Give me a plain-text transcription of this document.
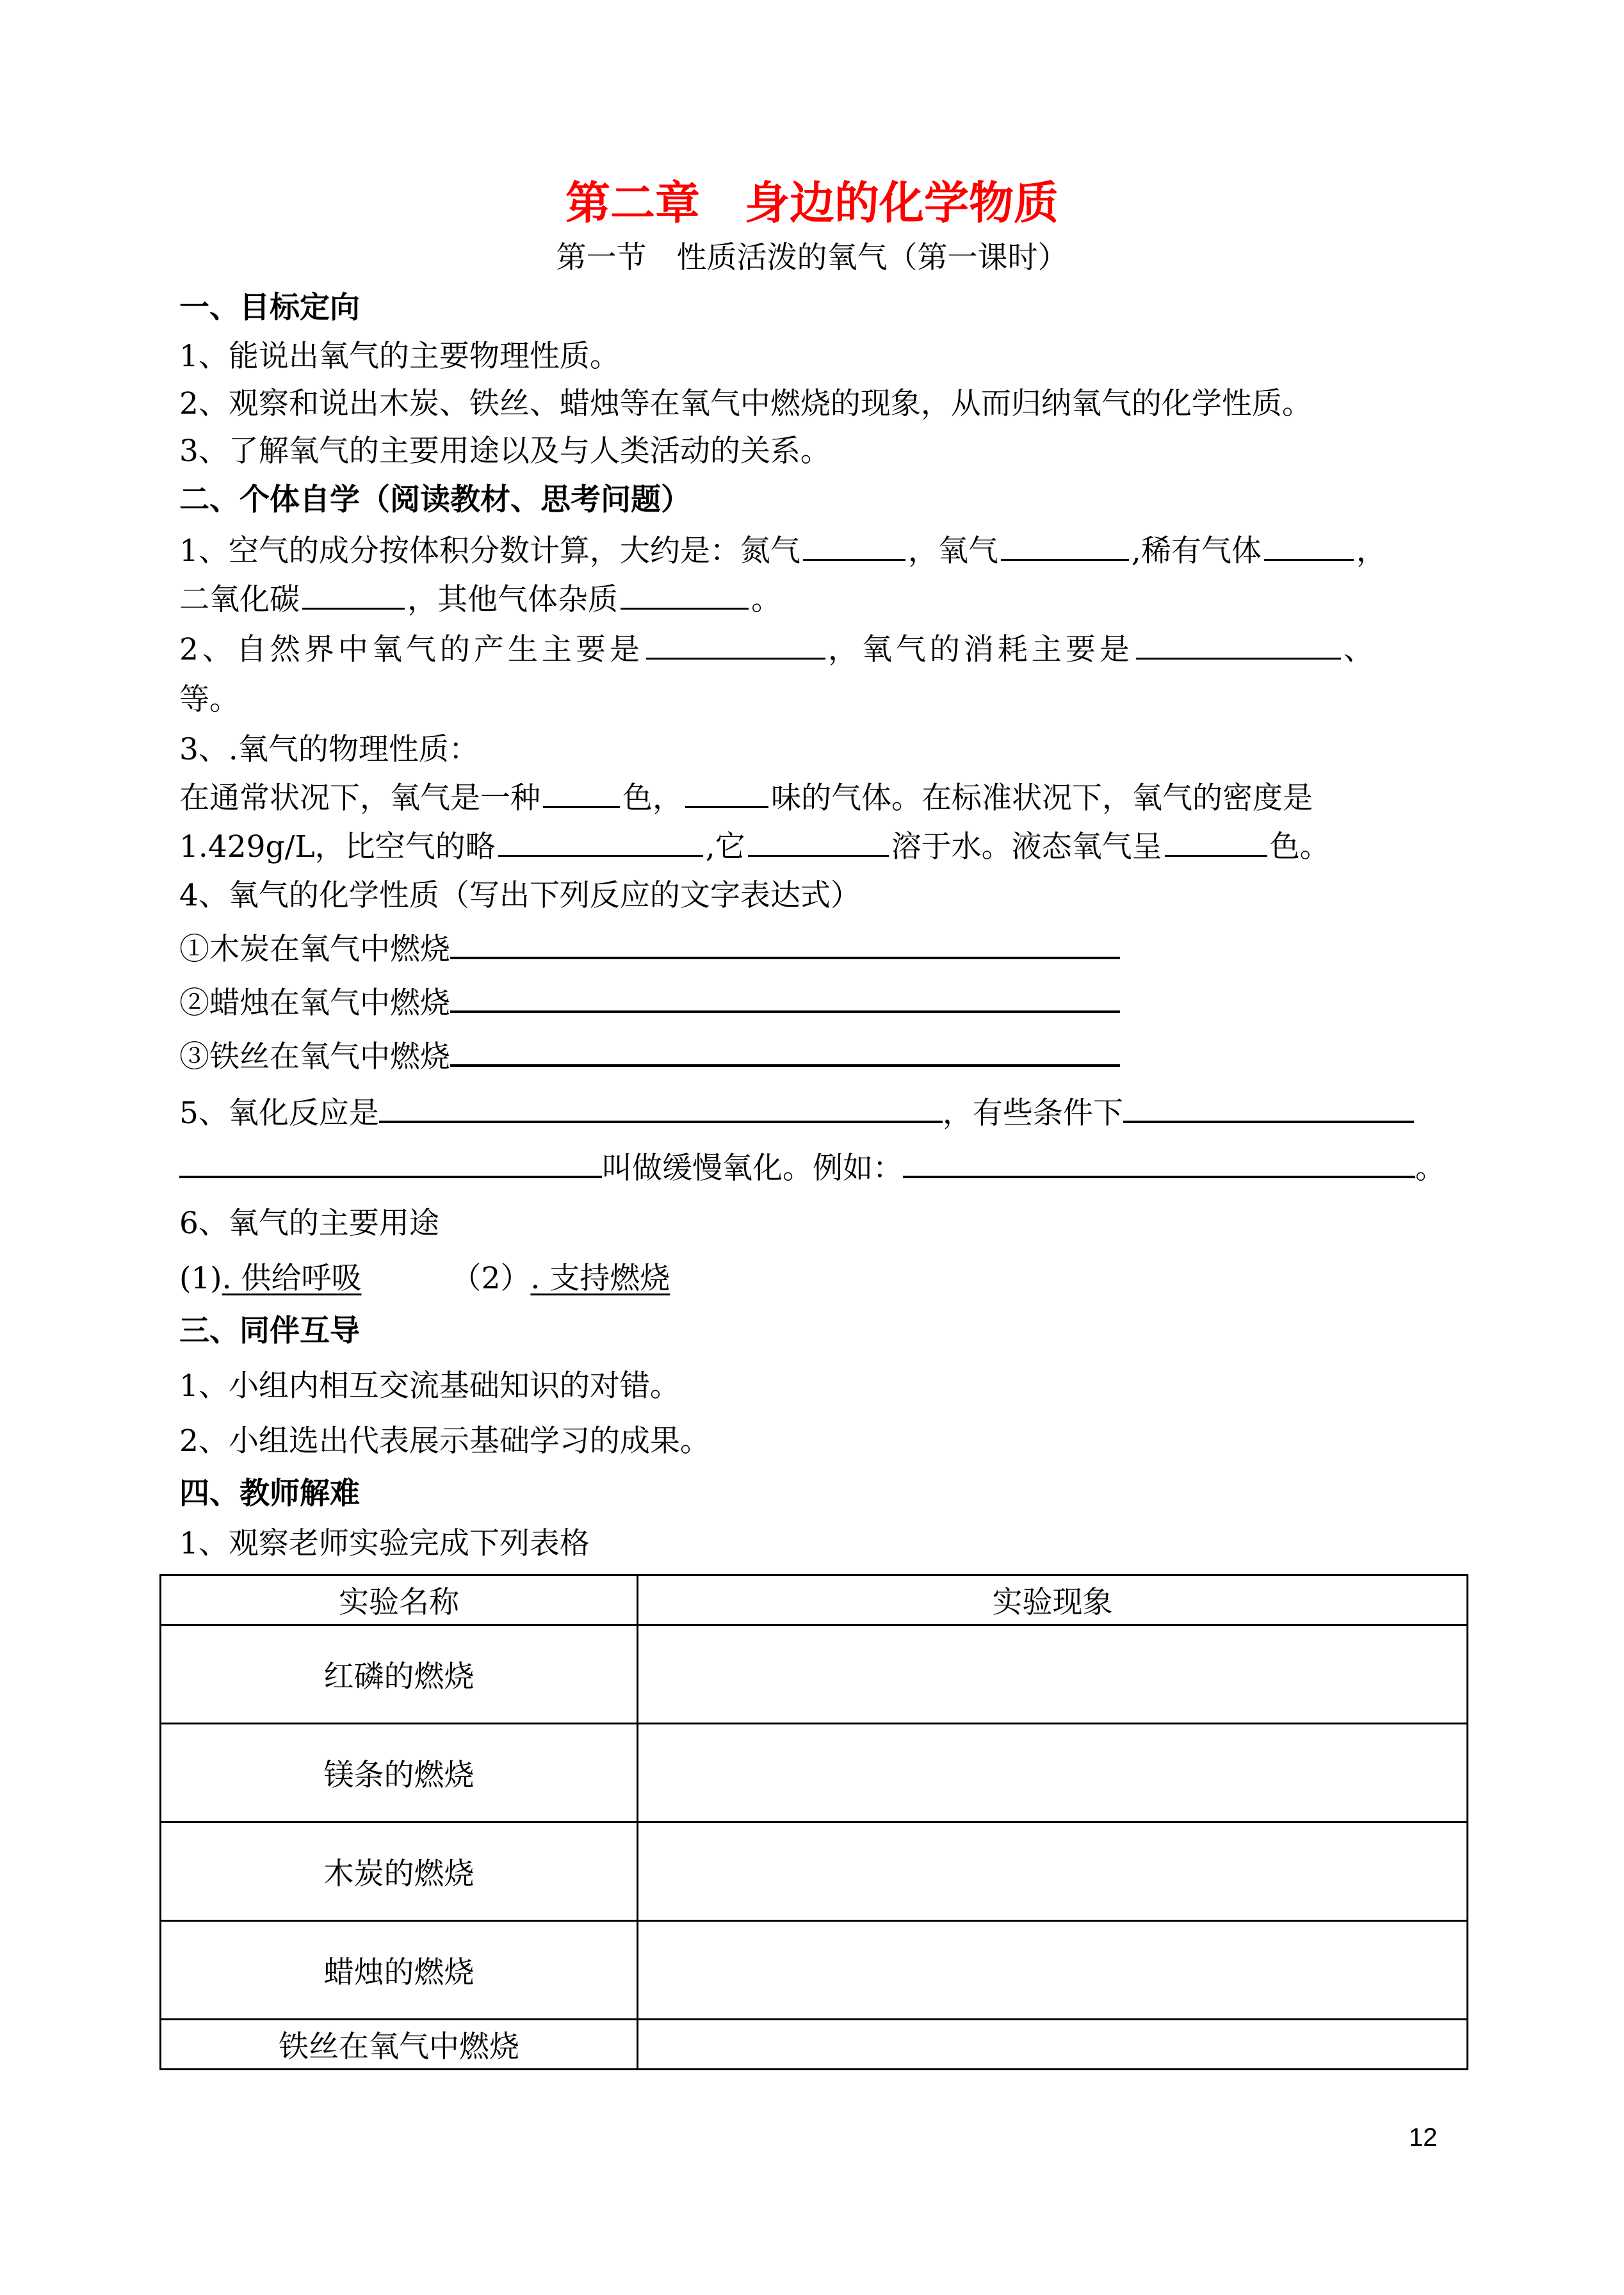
第二章　身边的化学物质
第一节　性质活泼的氧气（第一课时）
一、目标定向
1、能说出氧气的主要物理性质。
2、观察和说出木炭、铁丝、蜡烛等在氧气中燃烧的现象，从而归纳氧气的化学性质。
3、了解氧气的主要用途以及与人类活动的关系。
二、个体自学（阅读教材、思考问题）
1、空气的成分按体积分数计算，大约是：氮气	，氧气	,稀有气体	，
二氧化碳	，其他气体杂质	。
2、自然界中氧气的产生主要是	，氧气的消耗主要是	、
等。
3、.氧气的物理性质：
在通常状况下，氧气是一种	色，	味的气体。在标准状况下，氧气的密度是
1.429g/L，比空气的略	,它	溶于水。液态氧气呈	色。
4、氧气的化学性质（写出下列反应的文字表达式）
①木炭在氧气中燃烧
②蜡烛在氧气中燃烧
③铁丝在氧气中燃烧
5、氧化反应是	，有些条件下
叫做缓慢氧化。例如：	。
6、氧气的主要用途
(1). 供给呼吸	（2）. 支持燃烧
三、同伴互导
1、小组内相互交流基础知识的对错。
2、小组选出代表展示基础学习的成果。
四、教师解难
1、观察老师实验完成下列表格
实验名称	实验现象
红磷的燃烧	
镁条的燃烧	
木炭的燃烧	
蜡烛的燃烧	
铁丝在氧气中燃烧	
12
